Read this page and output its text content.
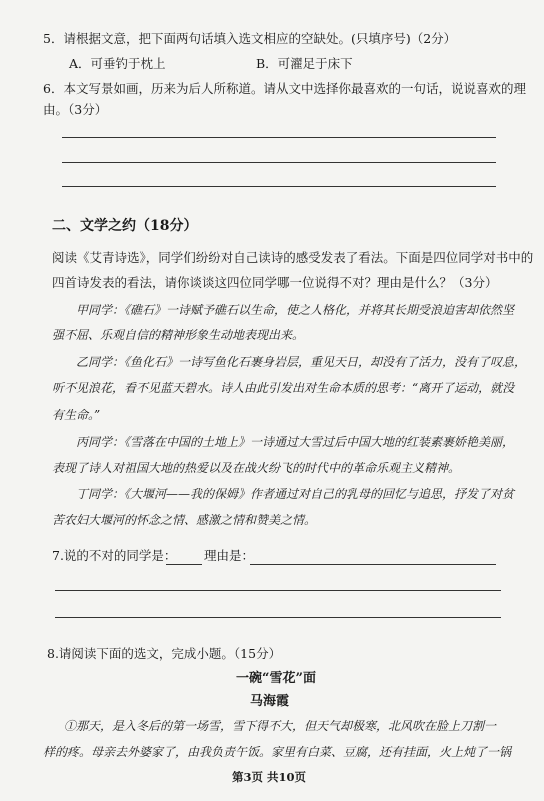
5．请根据文意，把下面两句话填入选文相应的空缺处。(只填序号)（2分）
A．可垂钓于枕上	B．可濯足于床下
6．本文写景如画，历来为后人所称道。请从文中选择你最喜欢的一句话，说说喜欢的理
由。（3分）
二、文学之约（18分）
阅读《艾青诗选》，同学们纷纷对自己读诗的感受发表了看法。下面是四位同学对书中的
四首诗发表的看法，请你谈谈这四位同学哪一位说得不对？理由是什么？（3分）
甲同学：《礁石》一诗赋予礁石以生命，使之人格化，并将其长期受浪迫害却依然坚
强不屈、乐观自信的精神形象生动地表现出来。
乙同学：《鱼化石》一诗写鱼化石裹身岩层，重见天日，却没有了活力，没有了叹息，
听不见浪花，看不见蓝天碧水。诗人由此引发出对生命本质的思考：“离开了运动，就没
有生命。”
丙同学：《雪落在中国的土地上》一诗通过大雪过后中国大地的红装素裹娇艳美丽，
表现了诗人对祖国大地的热爱以及在战火纷飞的时代中的革命乐观主义精神。
丁同学：《大堰河——我的保姆》作者通过对自己的乳母的回忆与追思，抒发了对贫
苦农妇大堰河的怀念之情、感激之情和赞美之情。
7.说的不对的同学是： 理由是：
8.请阅读下面的选文，完成小题。（15分）
一碗“雪花”面
马海霞
①那天，是入冬后的第一场雪，雪下得不大，但天气却极寒，北风吹在脸上刀割一
样的疼。母亲去外婆家了，由我负责午饭。家里有白菜、豆腐，还有挂面，火上炖了一锅
第3页 共10页
